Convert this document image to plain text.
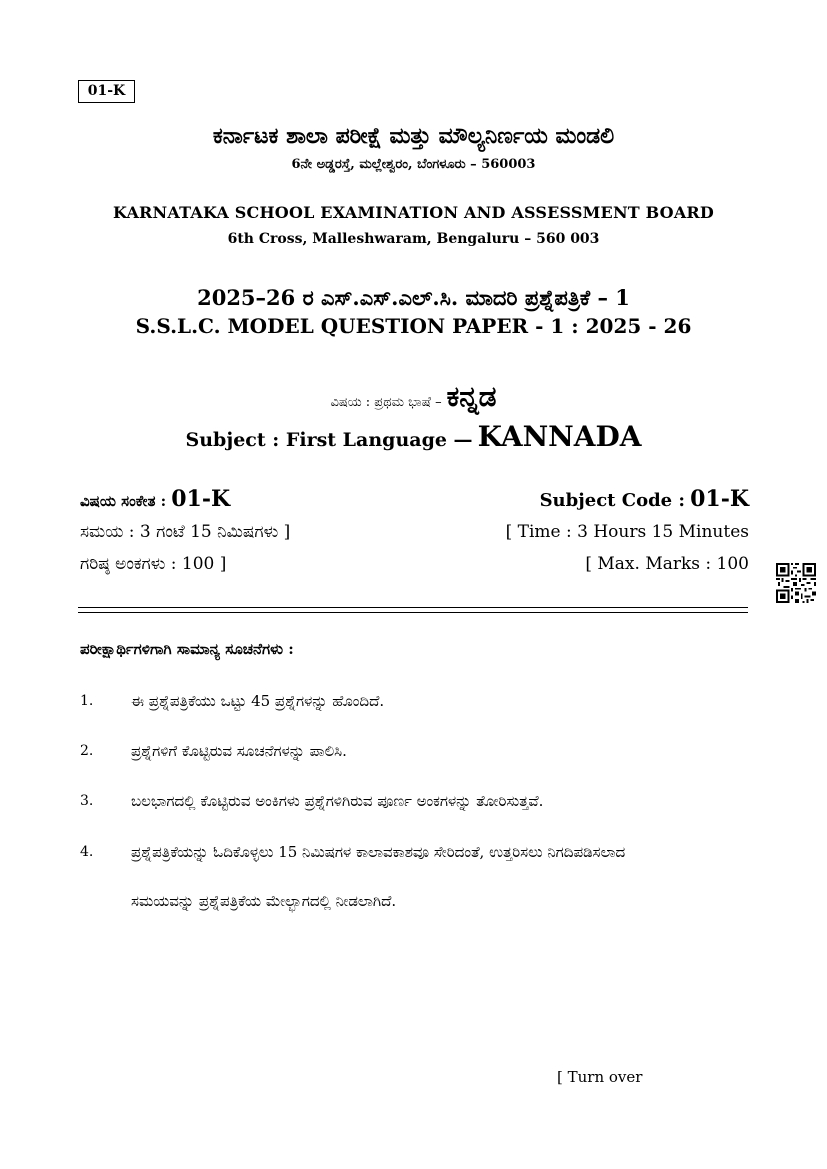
01-K
ಕರ್ನಾಟಕ ಶಾಲಾ ಪರೀಕ್ಷೆ ಮತ್ತು ಮೌಲ್ಯನಿರ್ಣಯ ಮಂಡಲಿ
6ನೇ ಅಡ್ಡರಸ್ತೆ, ಮಲ್ಲೇಶ್ವರಂ, ಬೆಂಗಳೂರು – 560003
KARNATAKA SCHOOL EXAMINATION AND ASSESSMENT BOARD
6th Cross, Malleshwaram, Bengaluru – 560 003
2025–26 ರ ಎಸ್.ಎಸ್.ಎಲ್.ಸಿ. ಮಾದರಿ ಪ್ರಶ್ನೆಪತ್ರಿಕೆ – 1
S.S.L.C. MODEL QUESTION PAPER - 1 : 2025 - 26
ವಿಷಯ : ಪ್ರಥಮ ಭಾಷೆ – ಕನ್ನಡ
Subject : First Language — KANNADA
ವಿಷಯ ಸಂಕೇತ : 01-K	Subject Code : 01-K
ಸಮಯ : 3 ಗಂಟೆ 15 ನಿಮಿಷಗಳು ]	[ Time : 3 Hours 15 Minutes
ಗರಿಷ್ಠ ಅಂಕಗಳು : 100 ]	[ Max. Marks : 100
ಪರೀಕ್ಷಾರ್ಥಿಗಳಿಗಾಗಿ ಸಾಮಾನ್ಯ ಸೂಚನೆಗಳು :
1.	ಈ ಪ್ರಶ್ನೆಪತ್ರಿಕೆಯು ಒಟ್ಟು 45 ಪ್ರಶ್ನೆಗಳನ್ನು ಹೊಂದಿದೆ.
2.	ಪ್ರಶ್ನೆಗಳಿಗೆ ಕೊಟ್ಟಿರುವ ಸೂಚನೆಗಳನ್ನು ಪಾಲಿಸಿ.
3.	ಬಲಭಾಗದಲ್ಲಿ ಕೊಟ್ಟಿರುವ ಅಂಕಿಗಳು ಪ್ರಶ್ನೆಗಳಿಗಿರುವ ಪೂರ್ಣ ಅಂಕಗಳನ್ನು ತೋರಿಸುತ್ತವೆ.
4.	ಪ್ರಶ್ನೆಪತ್ರಿಕೆಯನ್ನು ಓದಿಕೊಳ್ಳಲು 15 ನಿಮಿಷಗಳ ಕಾಲಾವಕಾಶವೂ ಸೇರಿದಂತೆ, ಉತ್ತರಿಸಲು ನಿಗದಿಪಡಿಸಲಾದ
ಸಮಯವನ್ನು ಪ್ರಶ್ನೆಪತ್ರಿಕೆಯ ಮೇಲ್ಭಾಗದಲ್ಲಿ ನೀಡಲಾಗಿದೆ.
[ Turn over
